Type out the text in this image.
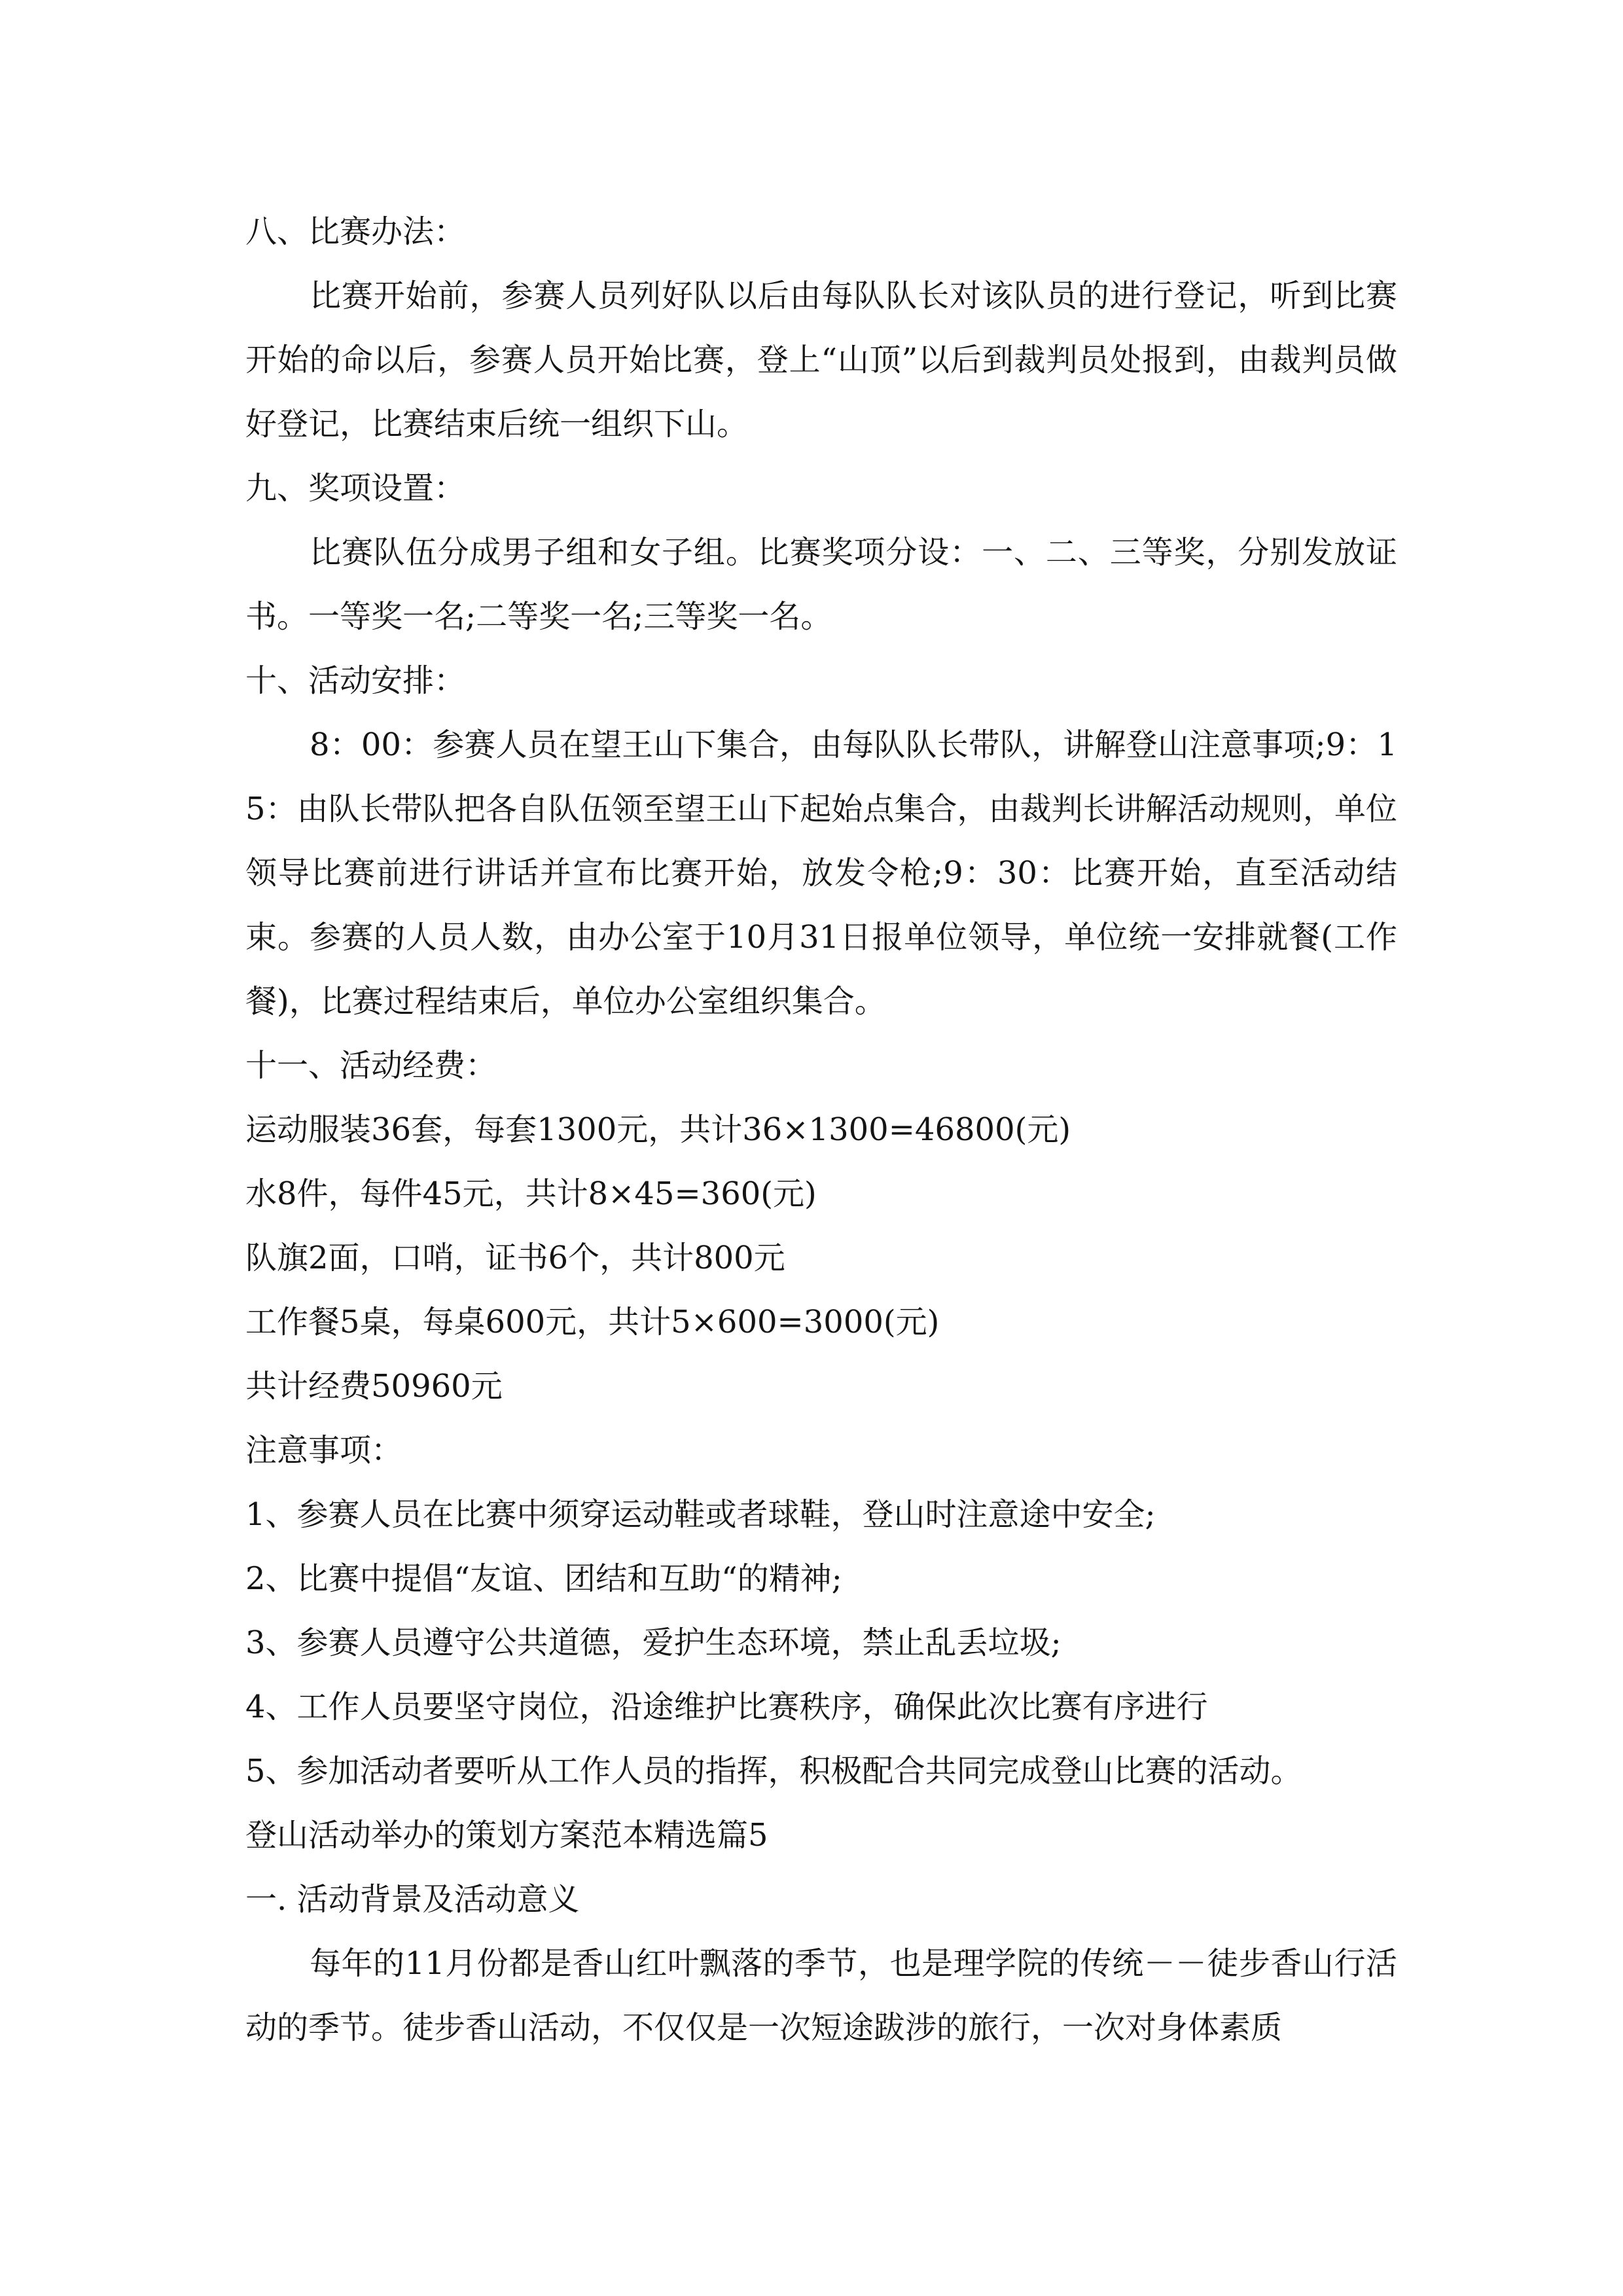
八、比赛办法：

比赛开始前，参赛人员列好队以后由每队队长对该队员的进行登记，听到比赛开始的命以后，参赛人员开始比赛，登上“山顶”以后到裁判员处报到，由裁判员做好登记，比赛结束后统一组织下山。

九、奖项设置：

比赛队伍分成男子组和女子组。比赛奖项分设：一、二、三等奖，分别发放证书。一等奖一名;二等奖一名;三等奖一名。

十、活动安排：

8：00：参赛人员在望王山下集合，由每队队长带队，讲解登山注意事项;9：15：由队长带队把各自队伍领至望王山下起始点集合，由裁判长讲解活动规则，单位领导比赛前进行讲话并宣布比赛开始，放发令枪;9：30：比赛开始，直至活动结束。参赛的人员人数，由办公室于10月31日报单位领导，单位统一安排就餐(工作餐)，比赛过程结束后，单位办公室组织集合。

十一、活动经费：

运动服装36套，每套1300元，共计36×1300=46800(元)

水8件，每件45元，共计8×45=360(元)

队旗2面，口哨，证书6个，共计800元

工作餐5桌，每桌600元，共计5×600=3000(元)

共计经费50960元

注意事项：

1、参赛人员在比赛中须穿运动鞋或者球鞋，登山时注意途中安全;

2、比赛中提倡“友谊、团结和互助“的精神;

3、参赛人员遵守公共道德，爱护生态环境，禁止乱丢垃圾;

4、工作人员要坚守岗位，沿途维护比赛秩序，确保此次比赛有序进行

5、参加活动者要听从工作人员的指挥，积极配合共同完成登山比赛的活动。

登山活动举办的策划方案范本精选篇5

一. 活动背景及活动意义

每年的11月份都是香山红叶飘落的季节，也是理学院的传统－－徒步香山行活动的季节。徒步香山活动，不仅仅是一次短途跋涉的旅行，一次对身体素质
